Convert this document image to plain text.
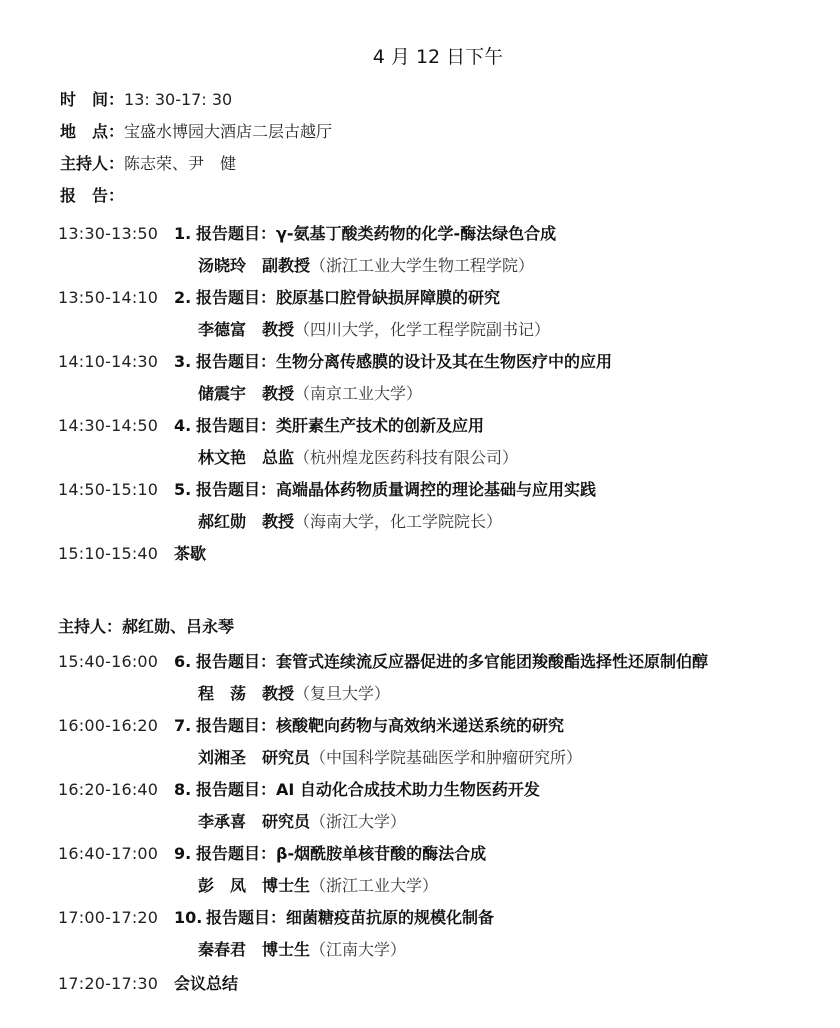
4 月 12 日下午
时　间：13: 30-17: 30
地　点：宝盛水博园大酒店二层古越厅
主持人：陈志荣、尹　健
报　告：
13:30-13:50 1. 报告题目：γ-氨基丁酸类药物的化学-酶法绿色合成
汤晓玲　副教授（浙江工业大学生物工程学院）
13:50-14:10 2. 报告题目：胶原基口腔骨缺损屏障膜的研究
李德富　教授（四川大学，化学工程学院副书记）
14:10-14:30 3. 报告题目：生物分离传感膜的设计及其在生物医疗中的应用
储震宇　教授（南京工业大学）
14:30-14:50 4. 报告题目：类肝素生产技术的创新及应用
林文艳　总监（杭州煌龙医药科技有限公司）
14:50-15:10 5. 报告题目：高端晶体药物质量调控的理论基础与应用实践
郝红勋　教授（海南大学，化工学院院长）
15:10-15:40 茶歇
主持人：郝红勋、吕永琴
15:40-16:00 6. 报告题目：套管式连续流反应器促进的多官能团羧酸酯选择性还原制伯醇
程　荡　教授（复旦大学）
16:00-16:20 7. 报告题目：核酸靶向药物与高效纳米递送系统的研究
刘湘圣　研究员（中国科学院基础医学和肿瘤研究所）
16:20-16:40 8. 报告题目：AI 自动化合成技术助力生物医药开发
李承喜　研究员（浙江大学）
16:40-17:00 9. 报告题目：β-烟酰胺单核苷酸的酶法合成
彭　凤　博士生（浙江工业大学）
17:00-17:20 10. 报告题目：细菌糖疫苗抗原的规模化制备
秦春君　博士生（江南大学）
17:20-17:30 会议总结
